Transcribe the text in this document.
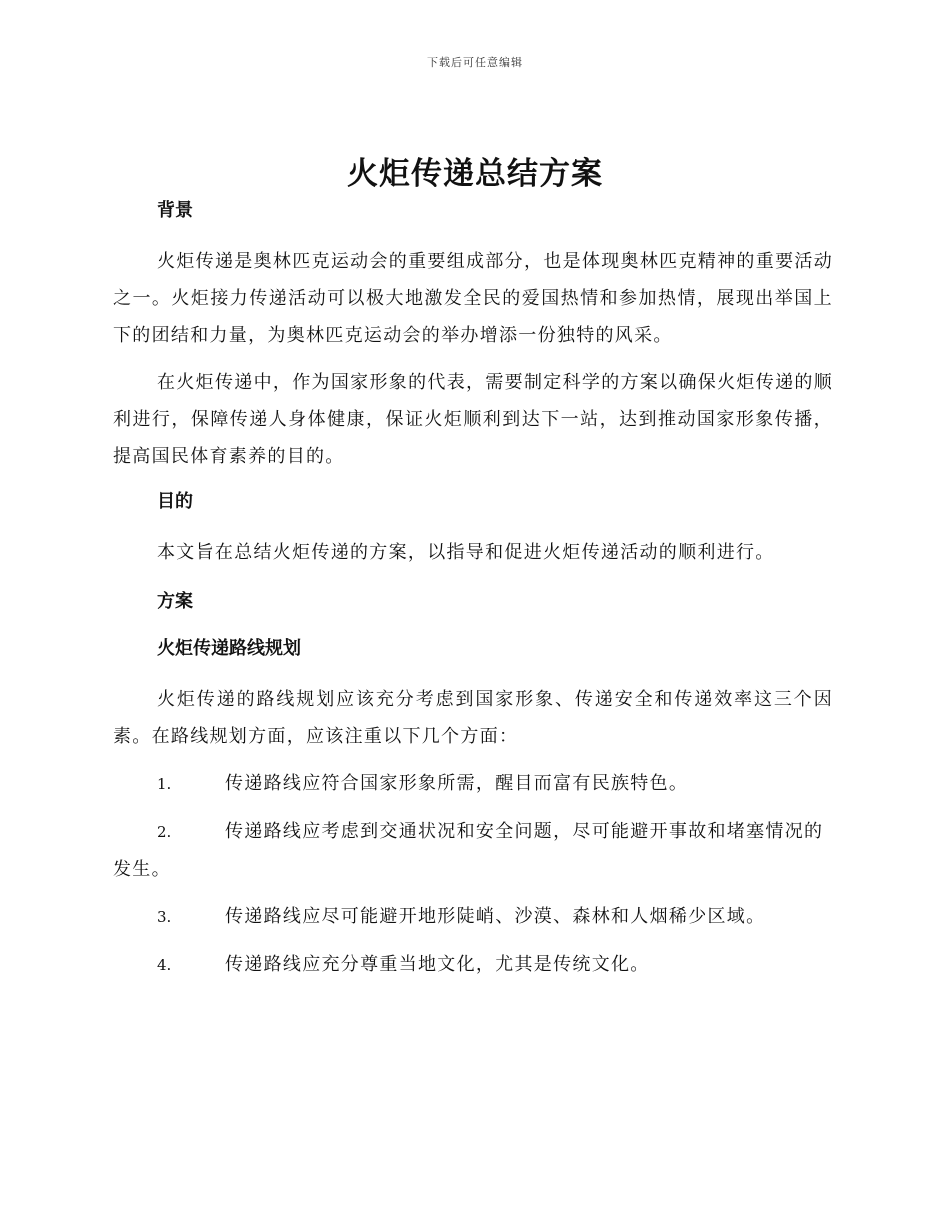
下载后可任意编辑
火炬传递总结方案
背景

火炬传递是奥林匹克运动会的重要组成部分，也是体现奥林匹克精神的重要活动之一。火炬接力传递活动可以极大地激发全民的爱国热情和参加热情，展现出举国上下的团结和力量，为奥林匹克运动会的举办增添一份独特的风采。

在火炬传递中，作为国家形象的代表，需要制定科学的方案以确保火炬传递的顺利进行，保障传递人身体健康，保证火炬顺利到达下一站，达到推动国家形象传播，提高国民体育素养的目的。

目的

本文旨在总结火炬传递的方案，以指导和促进火炬传递活动的顺利进行。

方案
火炬传递路线规划

火炬传递的路线规划应该充分考虑到国家形象、传递安全和传递效率这三个因素。在路线规划方面，应该注重以下几个方面：

1.	传递路线应符合国家形象所需，醒目而富有民族特色。

2.	传递路线应考虑到交通状况和安全问题，尽可能避开事故和堵塞情况的发生。

3.	传递路线应尽可能避开地形陡峭、沙漠、森林和人烟稀少区域。

4.	传递路线应充分尊重当地文化，尤其是传统文化。
